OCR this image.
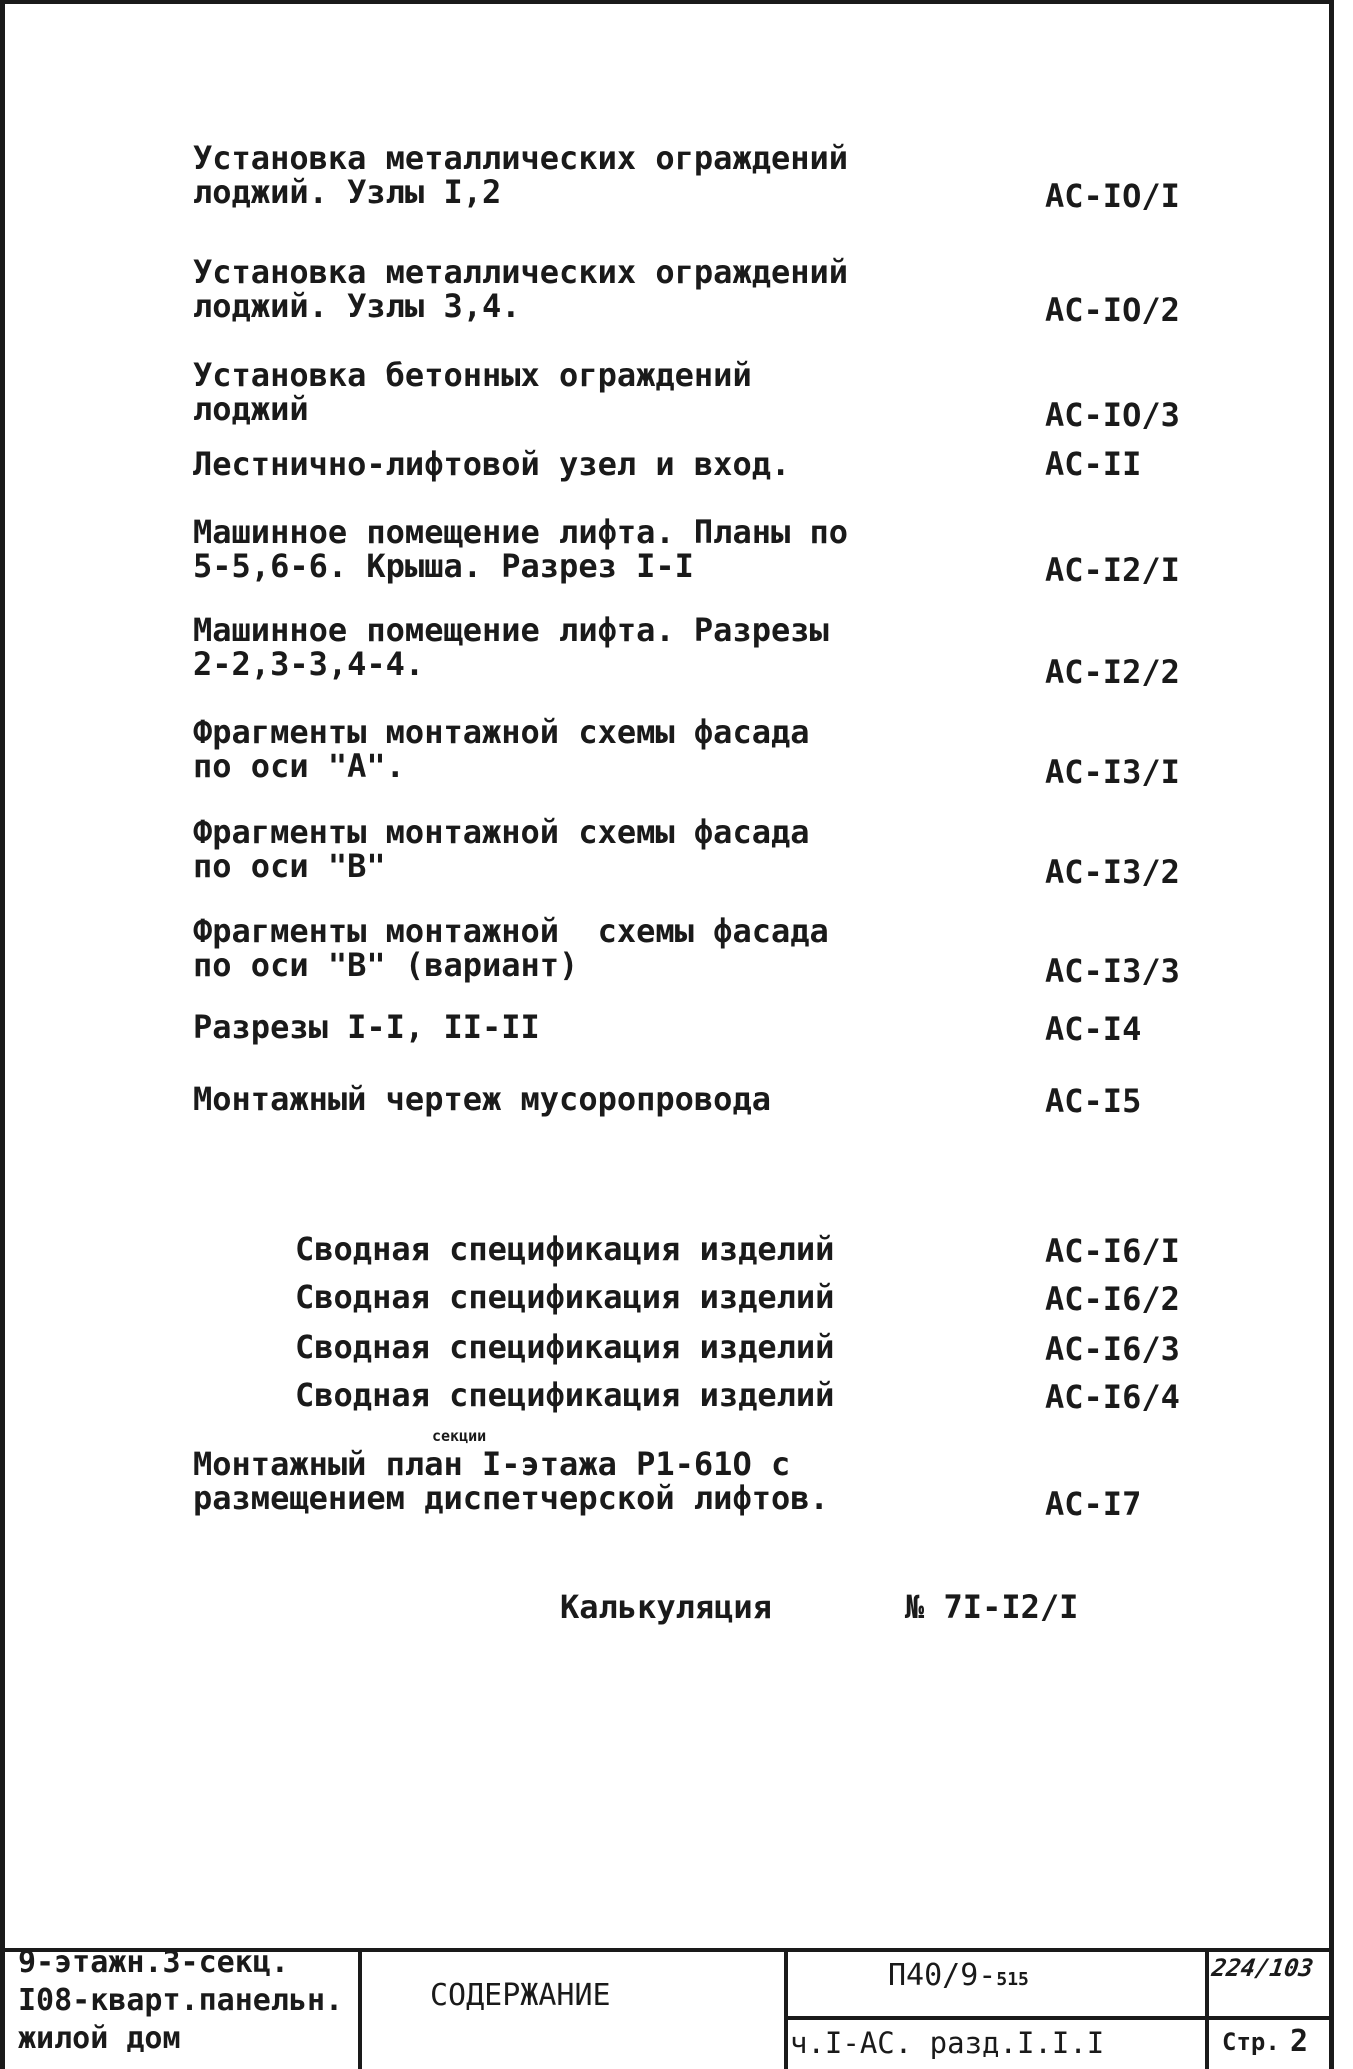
Установка металлических ограждений
лоджий. Узлы I,2	АС-IO/I
Установка металлических ограждений
лоджий. Узлы 3,4.	АС-IO/2
Установка бетонных ограждений
лоджий	АС-IO/3
Лестнично-лифтовой узел и вход.	АС-II
Машинное помещение лифта. Планы по
5-5,6-6. Крыша. Разрез I-I	АС-I2/I
Машинное помещение лифта. Разрезы
2-2,3-3,4-4.	АС-I2/2
Фрагменты монтажной схемы фасада
по оси "А".	АС-I3/I
Фрагменты монтажной схемы фасада
по оси "В"	АС-I3/2
Фрагменты монтажной  схемы фасада
по оси "В" (вариант)	АС-I3/3
Разрезы I-I, II-II	АС-I4
Монтажный чертеж мусоропровода	АС-I5
Сводная спецификация изделий	АС-I6/I
Сводная спецификация изделий	АС-I6/2
Сводная спецификация изделий	АС-I6/3
Сводная спецификация изделий	АС-I6/4
секции
Монтажный план I-этажа Р1-61О с
размещением диспетчерской лифтов.	АС-I7
Калькуляция	№ 7I-I2/I
9-этажн.3-секц.
I08-кварт.панельн.
жилой дом
СОДЕРЖАНИЕ
П40/9-515
ч.I-АС. разд.I.I.I
224/103
Стр. 2
